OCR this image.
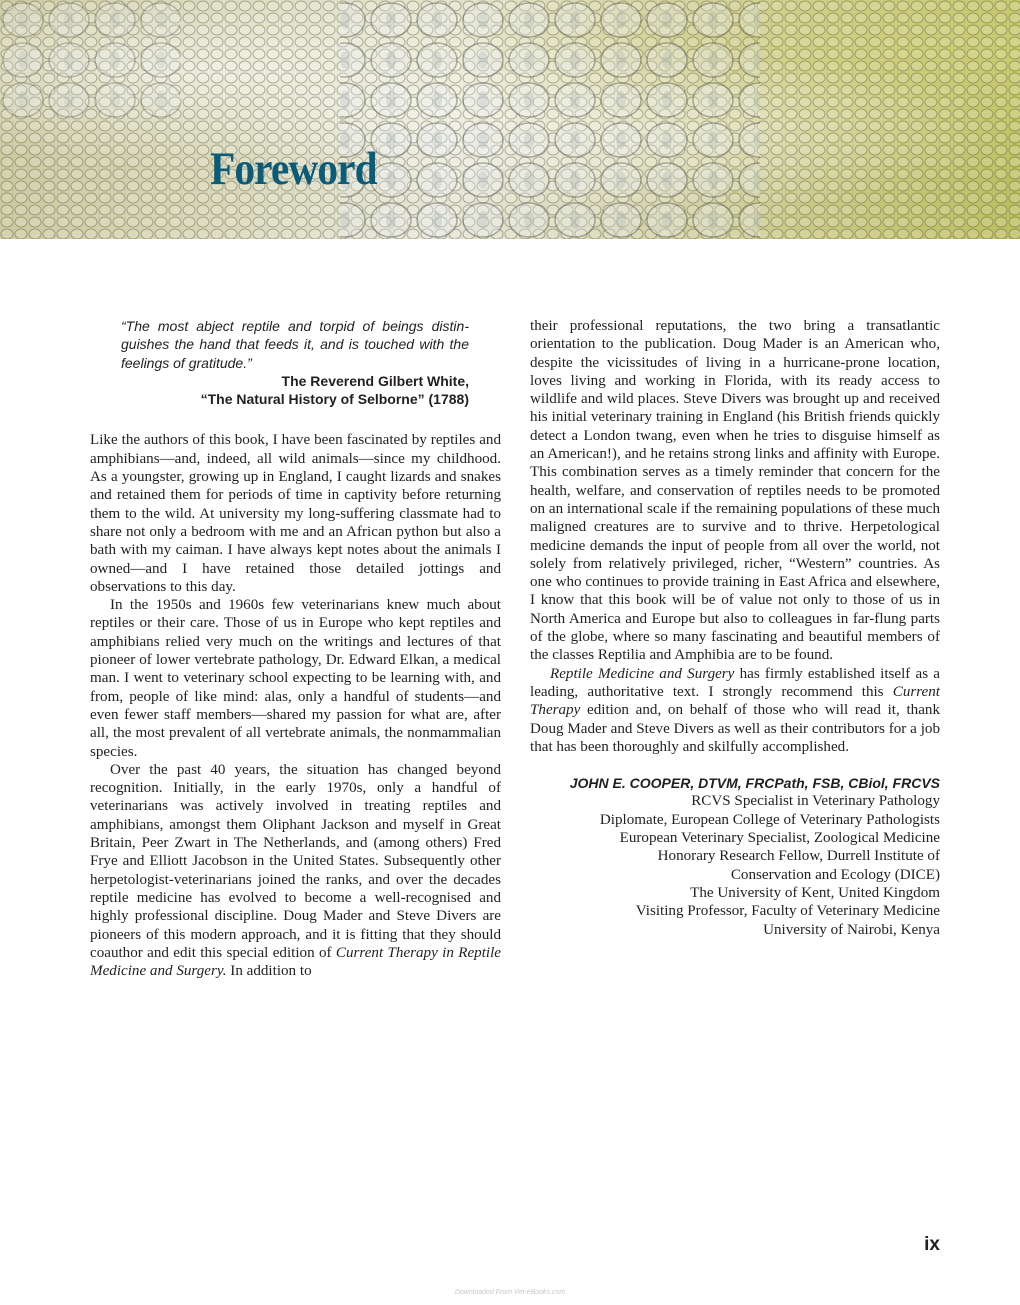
Foreword
“The most abject reptile and torpid of beings distin-guishes the hand that feeds it, and is touched with the feelings of gratitude.”
The Reverend Gilbert White,
“The Natural History of Selborne” (1788)

Like the authors of this book, I have been fascinated by reptiles and amphibians—and, indeed, all wild animals—since my childhood. As a youngster, growing up in England, I caught lizards and snakes and retained them for periods of time in captivity before returning them to the wild. At university my long-suffering classmate had to share not only a bedroom with me and an African python but also a bath with my caiman. I have always kept notes about the animals I owned—and I have retained those detailed jottings and observations to this day.

In the 1950s and 1960s few veterinarians knew much about reptiles or their care. Those of us in Europe who kept reptiles and amphibians relied very much on the writings and lectures of that pioneer of lower vertebrate pathology, Dr. Edward Elkan, a medical man. I went to veterinary school expecting to be learning with, and from, people of like mind: alas, only a handful of students—and even fewer staff members—shared my passion for what are, after all, the most prevalent of all vertebrate animals, the nonmammalian species.

Over the past 40 years, the situation has changed beyond recognition. Initially, in the early 1970s, only a handful of veterinarians was actively involved in treating reptiles and amphibians, amongst them Oliphant Jackson and myself in Great Britain, Peer Zwart in The Netherlands, and (among others) Fred Frye and Elliott Jacobson in the United States. Subsequently other herpetologist-veterinarians joined the ranks, and over the decades reptile medicine has evolved to become a well-recognised and highly professional discipline. Doug Mader and Steve Divers are pioneers of this modern approach, and it is fitting that they should coauthor and edit this special edition of Current Therapy in Reptile Medicine and Surgery. In addition to

their professional reputations, the two bring a transatlantic orientation to the publication. Doug Mader is an American who, despite the vicissitudes of living in a hurricane-prone location, loves living and working in Florida, with its ready access to wildlife and wild places. Steve Divers was brought up and received his initial veterinary training in England (his British friends quickly detect a London twang, even when he tries to disguise himself as an American!), and he retains strong links and affinity with Europe. This combination serves as a timely reminder that concern for the health, welfare, and conservation of reptiles needs to be promoted on an international scale if the remaining populations of these much maligned creatures are to survive and to thrive. Herpetological medicine demands the input of people from all over the world, not solely from relatively privileged, richer, “Western” countries. As one who continues to provide training in East Africa and elsewhere, I know that this book will be of value not only to those of us in North America and Europe but also to colleagues in far-flung parts of the globe, where so many fascinating and beautiful members of the classes Reptilia and Amphibia are to be found.

Reptile Medicine and Surgery has firmly established itself as a leading, authoritative text. I strongly recommend this Current Therapy edition and, on behalf of those who will read it, thank Doug Mader and Steve Divers as well as their contributors for a job that has been thoroughly and skilfully accomplished.

JOHN E. COOPER, DTVM, FRCPath, FSB, CBiol, FRCVS
RCVS Specialist in Veterinary Pathology
Diplomate, European College of Veterinary Pathologists
European Veterinary Specialist, Zoological Medicine
Honorary Research Fellow, Durrell Institute of
Conservation and Ecology (DICE)
The University of Kent, United Kingdom
Visiting Professor, Faculty of Veterinary Medicine
University of Nairobi, Kenya
ix
Downloaded From Vet-eBooks.com
